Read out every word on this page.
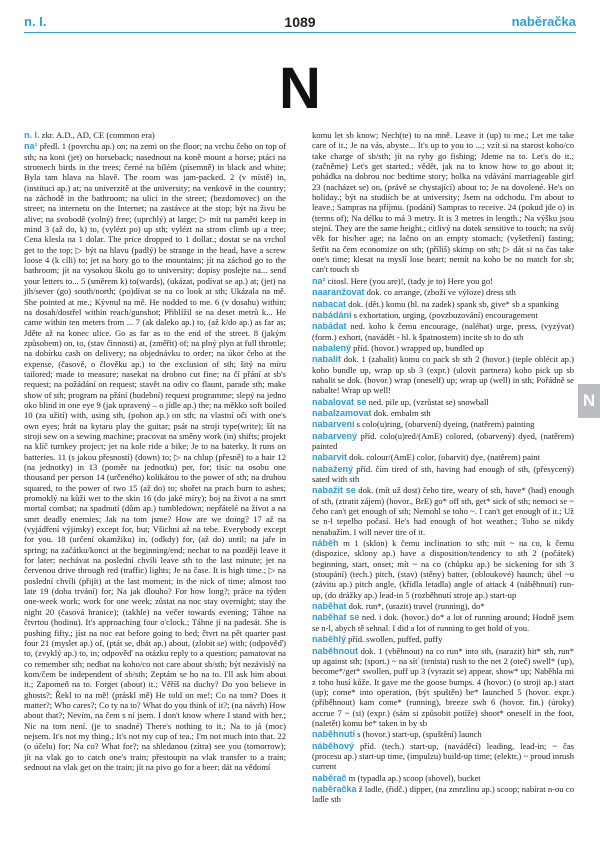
n. I.	1089	naběračka
N

n. l. zkr. A.D., AD, CE (common era)

na¹ předl. 1 (povrchu ap.) on; na zemi on the floor; na vrchu čeho on top of sth; na koni (jet) on horseback; nasednout na koně mount a horse; ptáci na stromech birds in the trees; černé na bílém (písemně) in black and white; Byla tam hlava na hlavě. The room was jam-packed. 2 (v místě) in, (instituci ap.) at; na univerzitě at the university; na venkově in the country; na záchodě in the bathroom; na ulici in the street; (bezdomovec) on the street; na internetu on the Internet; na zastávce at the stop; být na živu be alive; na svobodě (volný) free; (uprchlý) at large; ▷ mít na paměti keep in mind 3 (až do, k) to, (vylézt po) up sth; vylézt na strom climb up a tree; Cena klesla na 1 dolar. The price dropped to 1 dollar.; dostat se na vrchol get to the top; ▷ být na hlavu (padlý) be strange in the head, have a screw loose 4 (k cíli) to; jet na hory go to the mountains; jít na záchod go to the bathroom; jít na vysokou školu go to university; dopisy poslejte na... send your letters to... 5 (směrem k) to(wards), (ukázat, podívat se ap.) at; (jet) na jih/sever (go) south/north; (po)dívat se na co look at sth; Ukázala na mě. She pointed at me.; Kývnul na mě. He nodded to me. 6 (v dosahu) within; na dosah/dostřel within reach/gunshot; Přiblížil se na deset metrů k... He came within ten meters from ... 7 (ak dalekо ap.) to, (až k/do ap.) as far as; Jděte až na konec ulice. Go as far as to the end of the street. 8 (jakým způsobem) on, to, (stav činnosti) at, (změřit) of; na plný plyn at full throttle; na dobírku cash on delivery; na objednávku to order; na úkor čeho at the expense, (časově, o člověku ap.) to the exclusion of sth; šitý na míru tailored; made to measure; nasekat na drobno cut fine; na čí přání at sb's request; na požádání on request; stavět na odiv co flaunt, parade sth; make show of sth; program na přání (hudební) request programme; slepý na jedno oko blind in one eye 9 (jak upravený – o jídle ap.) the; na měkko soft boiled 10 (za užití) with, using sth, (pohon ap.) on sth; na vlastní oči with one's own eyes; hrát na kytaru play the guitar; psát na stroji type(write); šít na stroji sew on a sewing machine; pracovat na směny work (in) shifts; projekt na klíč turnkey project; jet na kole ride a bike; Je to na baterky. It runs on batteries. 11 (s jakou přesností) (down) to; ▷ na chlup (přesně) to a hair 12 (na jednotky) in 13 (poměr na jednotku) per, for; tisíc na osobu one thousand per person 14 (určeného) kolikátou to the power of sth; na druhou squared, to the power of two 15 (až do) to; shořet na prach burn to ashes; promoklý na kůži wet to the skin 16 (do jaké míry); boj na život a na smrt mortal combat; na spadnutí (dům ap.) tumbledown; nepřátelé na život a na smrt deadly enemies; Jak na tom jsme? How are we doing? 17 až na (vyjádření výjimky) except for, but; Všichni až na tebe. Everybody except for you. 18 (určení okamžiku) in, (odkdy) for, (až do) until; na jaře in spring; na začátku/konci at the beginning/end; nechat to na později leave it for later; nechávat na poslední chvíli leave sth to the last minute; jet na červenou drive through red (traffic) lights; Je na čase. It is high time.; ▷ na poslední chvíli (přijít) at the last moment; in the nick of time; almost too late 19 (doba trvání) for; Na jak dlouho? For how long?; práce na týden one-week work; work for one week; zůstat na noc stay overnight; stay the night 20 (časová hranice); (takhle) na večer towards evening; Táhne na čtvrtou (hodinu). It's approaching four o'clock.; Táhne jí na padesát. She is pushing fifty.; jíst na noc eat before going to bed; čtvrt na pět quarter past four 21 (myslet ap.) of, (ptát se, dbát ap.) about, (zlobit se) with; (odpověď) to, (zvyklý ap.) to, in; odpověď na otázku reply to a question; pamatovat na co remember sth; nedbat na koho/co not care about sb/sth; být nezávislý na kom/čem be independent of sb/sth; Zeptám se ho na to. I'll ask him about it.; Zapomeň na to. Forget (about) it.; Věříš na duchy? Do you believe in ghosts?; Řekl to na mě! (práskl mě) He told on me!; Co na tom? Does it matter?; Who cares?; Co ty na to? What do you think of it?; (na návrh) How about that?; Nevím, na čem s ní jsem. I don't know where I stand with her.; Nic na tom není. (je to snadné) There's nothing to it.; Na to já (moc) nejsem. It's not my thing.; It's not my cup of tea.; I'm not much into that. 22 (o účelu) for; Na co? What for?; na shledanou (zítra) see you (tomorrow); jít na vlak go to catch one's train; přestoupit na vlak transfer to a train; sednout na vlak get on the train; jít na pivo go for a beer; dát na vědomí

komu let sb know; Nech(te) to na mně. Leave it (up) to me.; Let me take care of it.; Je na vás, abyste... It's up to you to ...; vzít si na starost koho/co take charge of sb/sth; jít na ryby go fishing; Jdeme na to. Let's do it.; (začněme) Let's get started.; vědět, jak na to know how to go about it; pohádka na dobrou noc bedtime story; holka na vdávání marriageable girl 23 (nacházet se) on, (právě se chystající) about to; Je na dovolené. He's on holiday.; být na studiích be at university; Jsem na odchodu. I'm about to leave.; Sampras na příjmu. (podání) Sampras to receive. 24 (pokud jde o) in (terms of); Na délku to má 3 metry. It is 3 metres in length.; Na výšku jsou stejní. They are the same height.; citlivý na dotek sensitive to touch; na svůj věk for his/her age; na lačno on an empty stomach; (vyšetření) fasting; šetřit na čem economize on sth; (příliš) skimp on sth; ▷ dát si na čas take one's time; klesat na myslí lose heart; nemít na koho be no match for sb; can't touch sb

na² citosl. Here (you are)!, (tady je to) Here you go!

naaranžovat dok. co arrange, (zboží ve výloze) dress sth

nabacat dok. (dět.) komu (hl. na zadek) spank sb, give* sb a spanking

nabádání s exhortation, urging, (povzbuzování) encouragement

nabádat ned. koho k čemu encourage, (naléhat) urge, press, (vyzývat) (form.) exhort, (navádět - hl. k špatnostem) incite sb to do sth

nabalený příd. (hovor.) wrapped up, bundled up

nabalit dok. 1 (zabalit) komu co pack sb sth 2 (hovor.) (teple oblécit ap.) koho bundle up, wrap up sb 3 (expr.) (ulovit partnera) koho pick up sb nabalit se dok. (hovor.) wrap (oneself) up; wrap up (well) in sth; Pořádně se nabalte! Wrap up well!

nabalovat se ned. pile up, (vzrůstat se) snowball

nabalzamovat dok. embalm sth

nabarvení s colo(u)ring, (obarvení) dyeing, (natěrem) painting

nabarvený příd. colo(u)red/(AmE) colored, (obarvený) dyed, (natěrem) painted

nabarvit dok. colour/(AmE) color, (obarvit) dye, (natěrem) paint

nabažený příd. čím tired of sth, having had enough of sth, (přesycený) sated with sth

nabažit se dok. (mít už dost) čeho tire, weary of sth, have* (had) enough of sth, (ztratit zájem) (hovor., BrE) go* off sth, get* sick of sth; nemoci se ~ čeho can't get enough of sth; Nemohl se toho ~. I can't get enough of it.; Už se n-l tepelho počasí. He's had enough of hot weather.; Toho se nikdy nenabažím. I will never tire of it.

náběh m 1 (sklon) k čemu inclination to sth; mít ~ na co, k čemu (dispozice, sklony ap.) have a disposition/tendency to sth 2 (počátek) beginning, start, onset; mít ~ na co (chůpku ap.) be sickening for sth 3 (stoupání) (tech.) pitch, (stav) (stěny) batter, (obloukové) haunch; úhel ~u (závitu ap.) pitch angle, (křídla letadla) angle of attack 4 (náběhnutí) run-up, (do drážky ap.) lead-in 5 (rozběhnutí stroje ap.) start-up

naběhat dok. run*, (urazit) travel (running), do*

naběhat se ned. i dok. (hovor.) do* a lot of running around; Hodně jsem se n-l, abych tě sehnal. I did a lot of running to get hold of you.

naběhlý příd. swollen, puffed, puffy

naběhnout dok. 1 (vběhnout) na co run* into sth, (narazit) hit* sth, run* up against sth; (sport.) ~ na síť (tenista) rush to the net 2 (oteč) swell* (up), become*/get* swollen, puff up 3 (vyrazit se) appear, show* up; Naběhla mi z toho husí kůže. It gave me the goose bumps. 4 (hovor.) (o stroji ap.) start (up); come* into operation, (být spuštěn) be* launched 5 (hovor. expr.) (přiběhnout) kam come* (running), breeze swh 6 (hovor. fin.) (úroky) accrue 7 ~ (si) (expr.) (sám si způsobit potíže) shoot* oneself in the foot, (naletět) komu be* taken in by sb

naběhnutí s (hovor.) start-up, (spuštění) launch

náběhový příd. (tech.) start-up, (naváděcí) leading, lead-in; ~ čas (procesu ap.) start-up time, (impulzu) build-up time; (elektr.) ~ proud inrush current

naběrač m (typadla ap.) scoop (shovel), bucket

naběračka ž ladle, (řidč.) dipper, (na zmrzlinu ap.) scoop; nabírat n-ou co ladle sth

N
